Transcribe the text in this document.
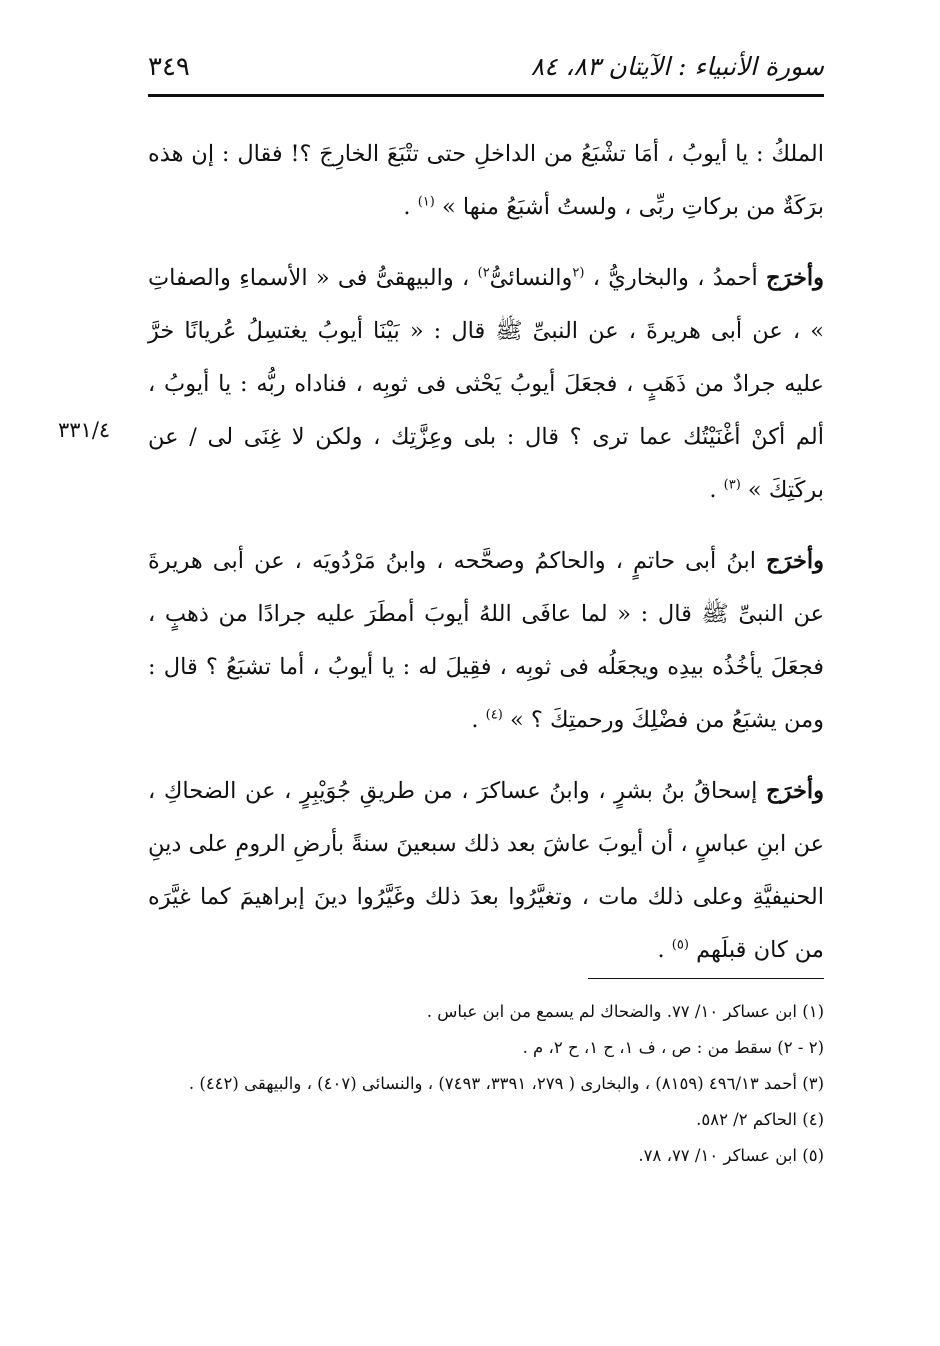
٣٤٩	سورة الأنبياء : الآيتان ٨٣، ٨٤
٣٣١/٤

الملكُ : يا أيوبُ ، أمَا تشْبَعُ من الداخلِ حتى تتْبَعَ الخارِجَ ؟! فقال : إن هذه برَكَةٌ من بركاتِ ربِّى ، ولستُ أشبَعُ منها » $^{(١)}$ .

وأخرَج أحمدُ ، والبخاريُّ ، $^{(٢}$والنسائىُّ$^{٢)}$ ، والبيهقىُّ فى « الأسماءِ والصفاتِ » ، عن أبى هريرةَ ، عن النبىِّ ﷺ قال : « بَيْنَا أيوبُ يغتسِلُ عُريانًا خرَّ عليه جرادٌ من ذَهَبٍ ، فجعَلَ أيوبُ يَحْثى فى ثوبِه ، فناداه ربُّه : يا أيوبُ ، ألم أكنْ أغْنَيْتُك عما ترى ؟ قال : بلى وعِزَّتِك ، ولكن لا غِنَى لى / عن بركَتِكَ » $^{(٣)}$ .

وأخرَج ابنُ أبى حاتمٍ ، والحاكمُ وصحَّحه ، وابنُ مَرْدُويَه ، عن أبى هريرةَ عن النبىِّ ﷺ قال : « لما عافَى اللهُ أيوبَ أمطَرَ عليه جرادًا من ذهبٍ ، فجعَلَ يأخُذُه بيدِه ويجعَلُه فى ثوبِه ، فقِيلَ له : يا أيوبُ ، أما تشبَعُ ؟ قال : ومن يشبَعُ من فضْلِكَ ورحمتِكَ ؟ » $^{(٤)}$ .

وأخرَج إسحاقُ بنُ بشرٍ ، وابنُ عساكرَ ، من طريقِ جُوَيْبِرٍ ، عن الضحاكِ ، عن ابنِ عباسٍ ، أن أيوبَ عاشَ بعد ذلك سبعينَ سنةً بأرضِ الرومِ على دينِ الحنيفيَّةِ وعلى ذلك مات ، وتغيَّرُوا بعدَ ذلك وغَيَّرُوا دينَ إبراهيمَ كما غيَّرَه من كان قبلَهم $^{(٥)}$ .

(١) ابن عساكر ١٠/ ٧٧. والضحاك لم يسمع من ابن عباس .

(٢ - ٢) سقط من : ص ، ف ١، ح ١، ح ٢، م .

(٣) أحمد ٤٩٦/١٣ (٨١٥٩) ، والبخارى ( ٢٧٩، ٣٣٩١، ٧٤٩٣) ، والنسائى (٤٠٧) ، والبيهقى (٤٤٢) .

(٤) الحاكم ٢/ ٥٨٢.

(٥) ابن عساكر ١٠/ ٧٧، ٧٨.
